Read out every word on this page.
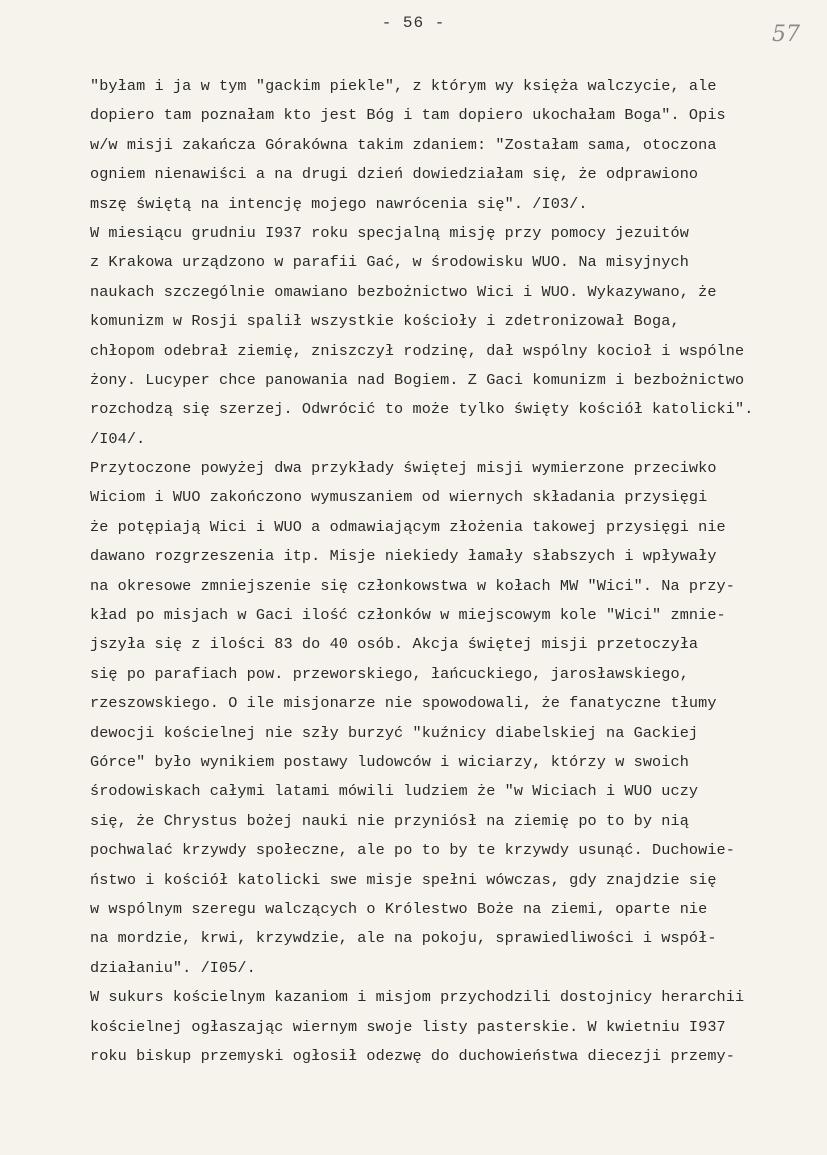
- 56 -	57
"byłam i ja w tym "gackim piekle", z którym wy księża walczycie, ale
dopiero tam poznałam kto jest Bóg i tam dopiero ukochałam Boga". Opis
w/w misji zakańcza Górakówna takim zdaniem: "Zostałam sama, otoczona
ogniem nienawiści a na drugi dzień dowiedziałam się, że odprawiono
mszę świętą na intencję mojego nawrócenia się". /I03/.
W miesiącu grudniu I937 roku specjalną misję przy pomocy jezuitów
z Krakowa urządzono w parafii Gać, w środowisku WUO. Na misyjnych
naukach szczególnie omawiano bezbożnictwo Wici i WUO. Wykazywano, że
komunizm w Rosji spalił wszystkie kościoły i zdetronizował Boga,
chłopom odebrał ziemię, zniszczył rodzinę, dał wspólny kocioł i wspólne
żony. Lucyper chce panowania nad Bogiem. Z Gaci komunizm i bezbożnictwo
rozchodzą się szerzej. Odwrócić to może tylko święty kościół katolicki".
/I04/.
Przytoczone powyżej dwa przykłady świętej misji wymierzone przeciwko
Wiciom i WUO zakończono wymuszaniem od wiernych składania przysięgi
że potępiają Wici i WUO a odmawiającym złożenia takowej przysięgi nie
dawano rozgrzeszenia itp. Misje niekiedy łamały słabszych i wpływały
na okresowe zmniejszenie się członkowstwa w kołach MW "Wici". Na przy-
kład po misjach w Gaci ilość członków w miejscowym kole "Wici" zmnie-
jszyła się z ilości 83 do 40 osób. Akcja świętej misji przetoczyła
się po parafiach pow. przeworskiego, łańcuckiego, jarosławskiego,
rzeszowskiego. O ile misjonarze nie spowodowali, że fanatyczne tłumy
dewocji kościelnej nie szły burzyć "kuźnicy diabelskiej na Gackiej
Górce" było wynikiem postawy ludowców i wiciarzy, którzy w swoich
środowiskach całymi latami mówili ludziem że "w Wiciach i WUO uczy
się, że Chrystus bożej nauki nie przyniósł na ziemię po to by nią
pochwalać krzywdy społeczne, ale po to by te krzywdy usunąć. Duchowie-
ństwo i kościół katolicki swe misje spełni wówczas, gdy znajdzie się
w wspólnym szeregu walczących o Królestwo Boże na ziemi, oparte nie
na mordzie, krwi, krzywdzie, ale na pokoju, sprawiedliwości i współ-
działaniu". /I05/.
W sukurs kościelnym kazaniom i misjom przychodzili dostojnicy herarchii
kościelnej ogłaszając wiernym swoje listy pasterskie. W kwietniu I937
roku biskup przemyski ogłosił odezwę do duchowieństwa diecezji przemy-
